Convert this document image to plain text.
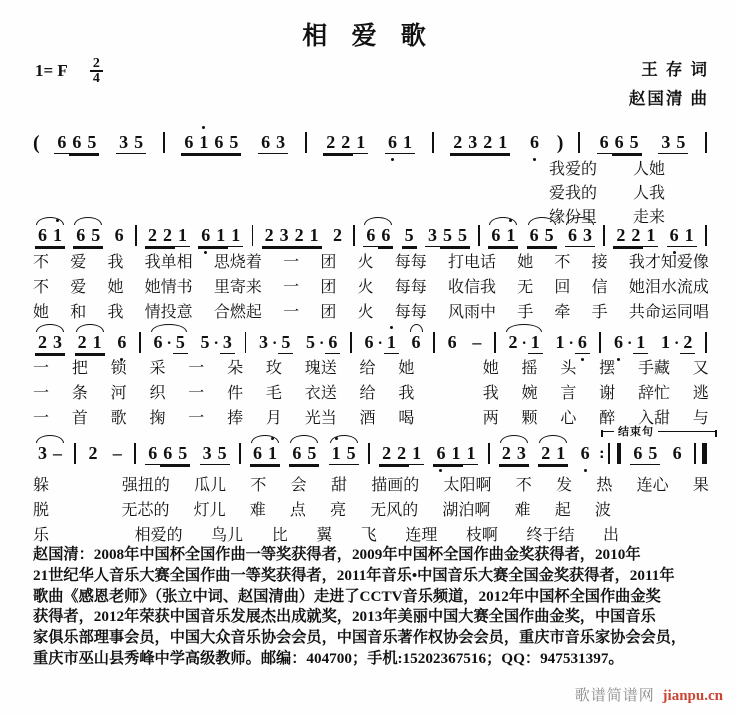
相 爱 歌
1= F $\frac{2}{4}$	王 存 词
赵国清 曲
( 6 6 5 3 5 6 1 6 5 6 3 2 2 1 6 1 2 3 2 1 6 ) 6 6 5 3 5
6 1 6 5 6 2 2 1 6 1 1 2 3 2 1 2 6 6 5 3 5 5 6 1 6 5 6 3 2 2 1 6 1
2 3 2 1 6 6 · 5 5 · 3 3 · 5 5 · 6 6 · 1 6 6 – 2 · 1 1 · 6 6 · 1 1 · 2
3 – 2 – 6 6 5 3 5 6 1 6 5 1 5 2 2 1 6 1 1 2 3 2 1 6 ∶ 6 5 6
结束句
我爱的 人她
爱我的 人我
缘份里 走来
不 爱 我 我单相 思烧着 一 团 火 每每 打电话 她 不 接 我才知爱像
不 爱 她 她情书 里寄来 一 团 火 每每 收信我 无 回 信 她泪水流成
她 和 我 情投意 合燃起 一 团 火 每每 风雨中 手 牵 手 共命运同唱
一 把 锁 采 一 朵 玫 瑰送 给 她	她 摇 头 摆 手藏 又
一 条 河 织 一 件 毛 衣送 给 我	我 婉 言 谢 辞忙 逃
一 首 歌 掬 一 捧 月 光当 酒 喝	两 颗 心 醉 入甜 与
躲	强扭的 瓜儿 不 会 甜 描画的 太阳啊 不 发 热 连心 果
脱	无芯的 灯儿 难 点 亮 无风的 湖泊啊 难 起 波
乐	相爱的 鸟儿 比 翼 飞 连理 枝啊 终于结 出
赵国清：2008年中国杯全国作曲一等奖获得者，2009年中国杯全国作曲金奖获得者，2010年
21世纪华人音乐大赛全国作曲一等奖获得者，2011年音乐•中国音乐大赛全国金奖获得者，2011年
歌曲《感恩老师》（张立中词、赵国清曲）走进了CCTV音乐频道，2012年中国杯全国作曲金奖
获得者，2012年荣获中国音乐发展杰出成就奖，2013年美丽中国大赛全国作曲金奖，中国音乐
家俱乐部理事会员，中国大众音乐协会会员，中国音乐著作权协会会员，重庆市音乐家协会会员，
重庆市巫山县秀峰中学高级教师。邮编：404700；手机:15202367516；QQ：947531397。
歌谱简谱网 jianpu.cn
